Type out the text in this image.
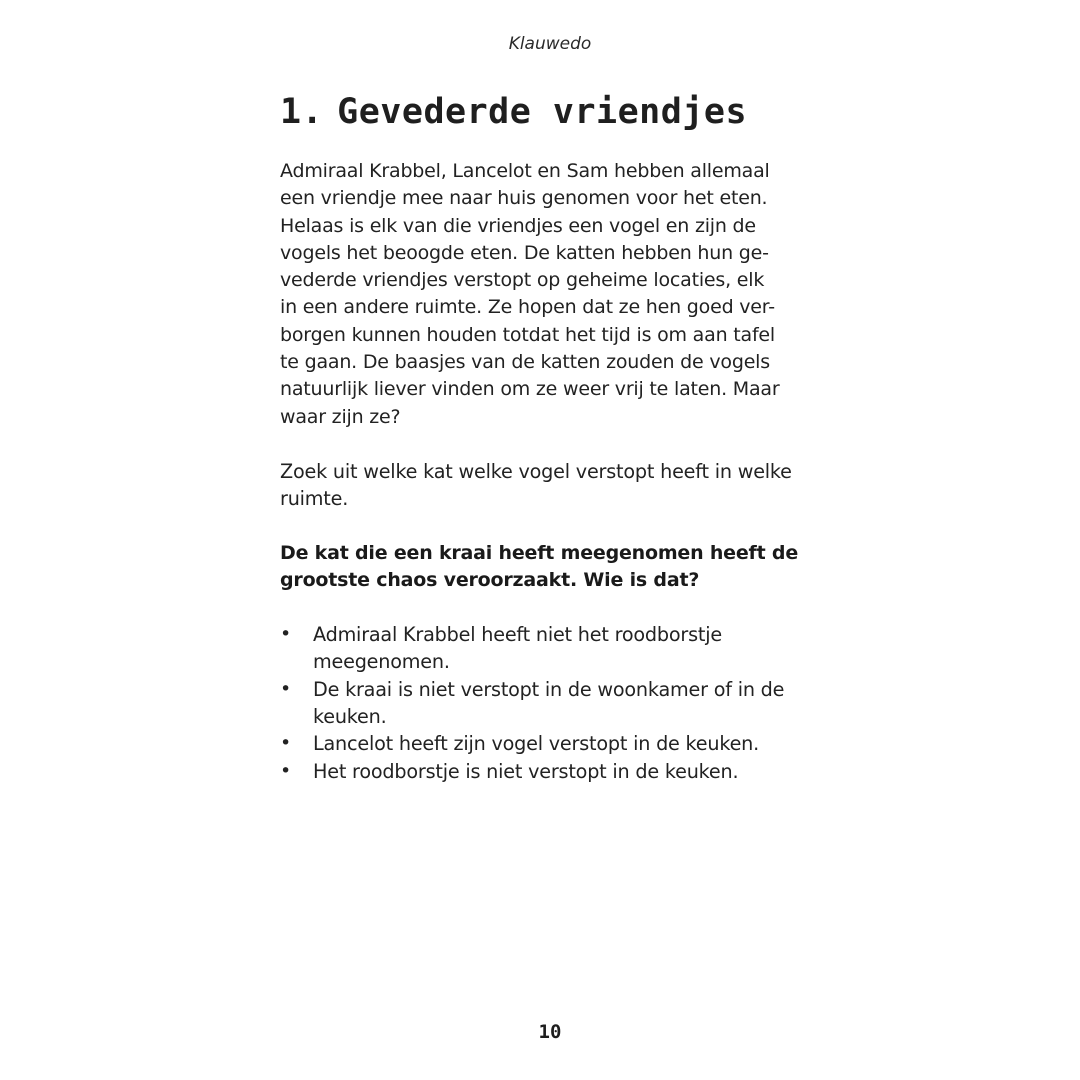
Klauwedo
1. Gevederde vriendjes
Admiraal Krabbel, Lancelot en Sam hebben allemaal
een vriendje mee naar huis genomen voor het eten.
Helaas is elk van die vriendjes een vogel en zijn de
vogels het beoogde eten. De katten hebben hun ge-
vederde vriendjes verstopt op geheime locaties, elk
in een andere ruimte. Ze hopen dat ze hen goed ver-
borgen kunnen houden totdat het tijd is om aan tafel
te gaan. De baasjes van de katten zouden de vogels
natuurlijk liever vinden om ze weer vrij te laten. Maar
waar zijn ze?
Zoek uit welke kat welke vogel verstopt heeft in welke
ruimte.
De kat die een kraai heeft meegenomen heeft de
grootste chaos veroorzaakt. Wie is dat?
•	Admiraal Krabbel heeft niet het roodborstje
meegenomen.
•	De kraai is niet verstopt in de woonkamer of in de
keuken.
•	Lancelot heeft zijn vogel verstopt in de keuken.
•	Het roodborstje is niet verstopt in de keuken.
10
